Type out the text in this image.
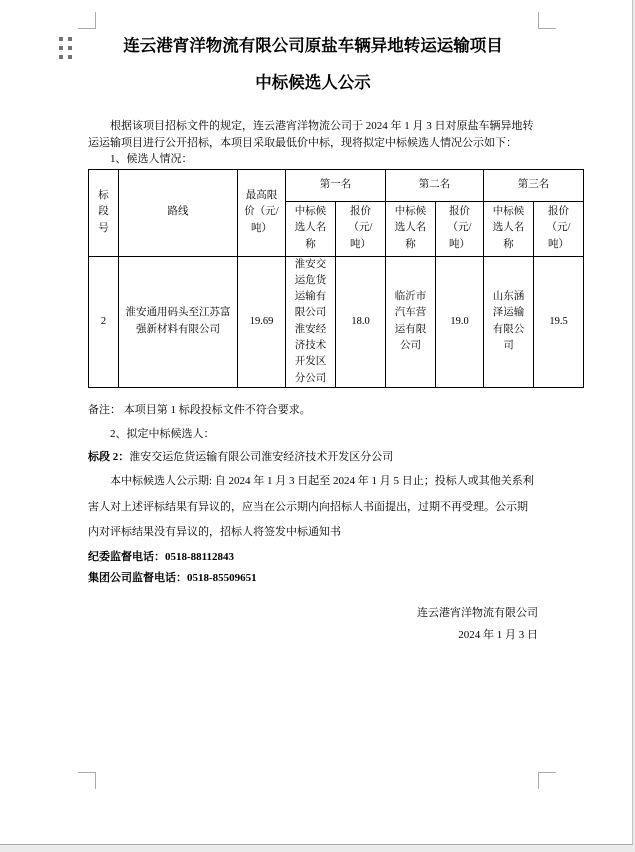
连云港宵洋物流有限公司原盐车辆异地转运运输项目
中标候选人公示

根据该项目招标文件的规定，连云港宵洋物流公司于 2024 年 1 月 3 日对原盐车辆异地转运运输项目进行公开招标，本项目采取最低价中标，现将拟定中标候选人情况公示如下：

1、候选人情况：

标段号	路线	最高限价（元/吨）	第一名		第二名		第三名	
			中标候选人名称	报价（元/吨）	中标候选人名称	报价（元/吨）	中标候选人名称	报价（元/吨）
2	淮安通用码头至江苏富强新材料有限公司	19.69	淮安交运危货运输有限公司淮安经济技术开发区分公司	18.0	临沂市汽车营运有限公司	19.0	山东涵泽运输有限公司	19.5

备注： 本项目第 1 标段投标文件不符合要求。

2、拟定中标候选人：

标段 2：淮安交运危货运输有限公司淮安经济技术开发区分公司

本中标候选人公示期: 自 2024 年 1 月 3 日起至 2024 年 1 月 5 日止；投标人或其他关系利害人对上述评标结果有异议的，应当在公示期内向招标人书面提出，过期不再受理。公示期内对评标结果没有异议的，招标人将签发中标通知书

纪委监督电话：0518-88112843

集团公司监督电话：0518-85509651

连云港宵洋物流有限公司
2024 年 1 月 3 日
